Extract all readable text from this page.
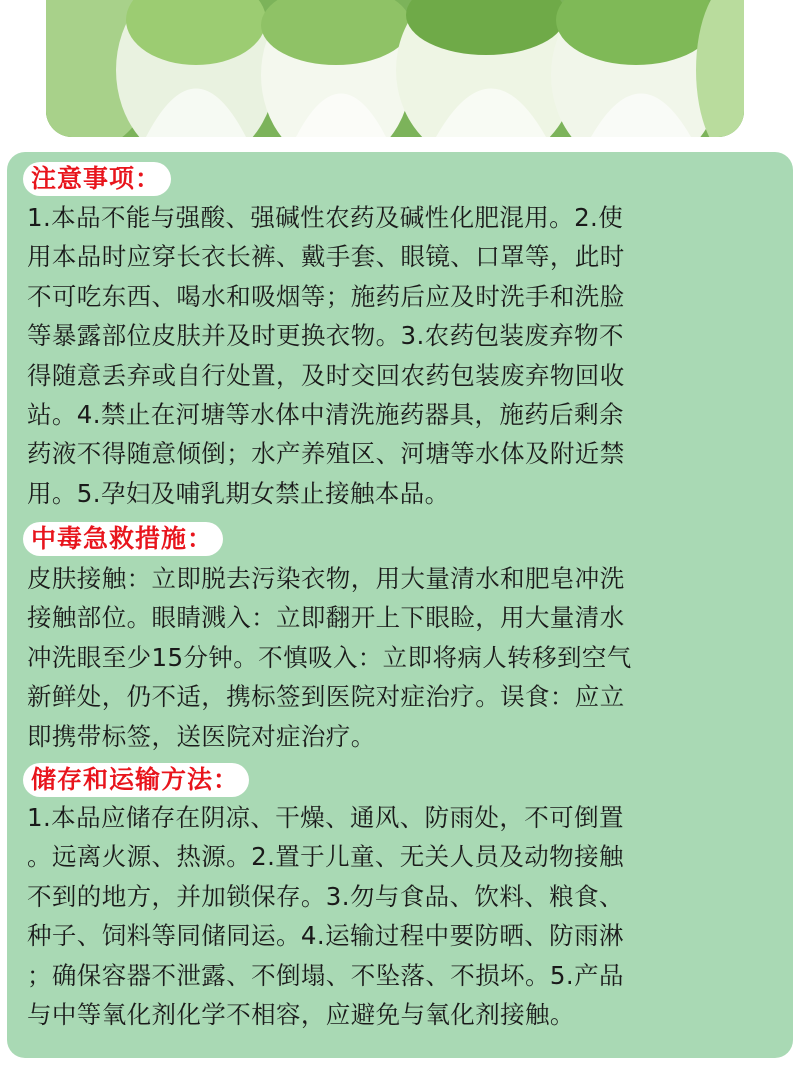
注意事项：
1.本品不能与强酸、强碱性农药及碱性化肥混用。2.使
用本品时应穿长衣长裤、戴手套、眼镜、口罩等，此时
不可吃东西、喝水和吸烟等；施药后应及时洗手和洗脸
等暴露部位皮肤并及时更换衣物。3.农药包装废弃物不
得随意丢弃或自行处置，及时交回农药包装废弃物回收
站。4.禁止在河塘等水体中清洗施药器具，施药后剩余
药液不得随意倾倒；水产养殖区、河塘等水体及附近禁
用。5.孕妇及哺乳期女禁止接触本品。
中毒急救措施：
皮肤接触：立即脱去污染衣物，用大量清水和肥皂冲洗
接触部位。眼睛溅入：立即翻开上下眼睑，用大量清水
冲洗眼至少15分钟。不慎吸入：立即将病人转移到空气
新鲜处，仍不适，携标签到医院对症治疗。误食：应立
即携带标签，送医院对症治疗。
储存和运输方法：
1.本品应储存在阴凉、干燥、通风、防雨处，不可倒置
。远离火源、热源。2.置于儿童、无关人员及动物接触
不到的地方，并加锁保存。3.勿与食品、饮料、粮食、
种子、饲料等同储同运。4.运输过程中要防晒、防雨淋
；确保容器不泄露、不倒塌、不坠落、不损坏。5.产品
与中等氧化剂化学不相容，应避免与氧化剂接触。
